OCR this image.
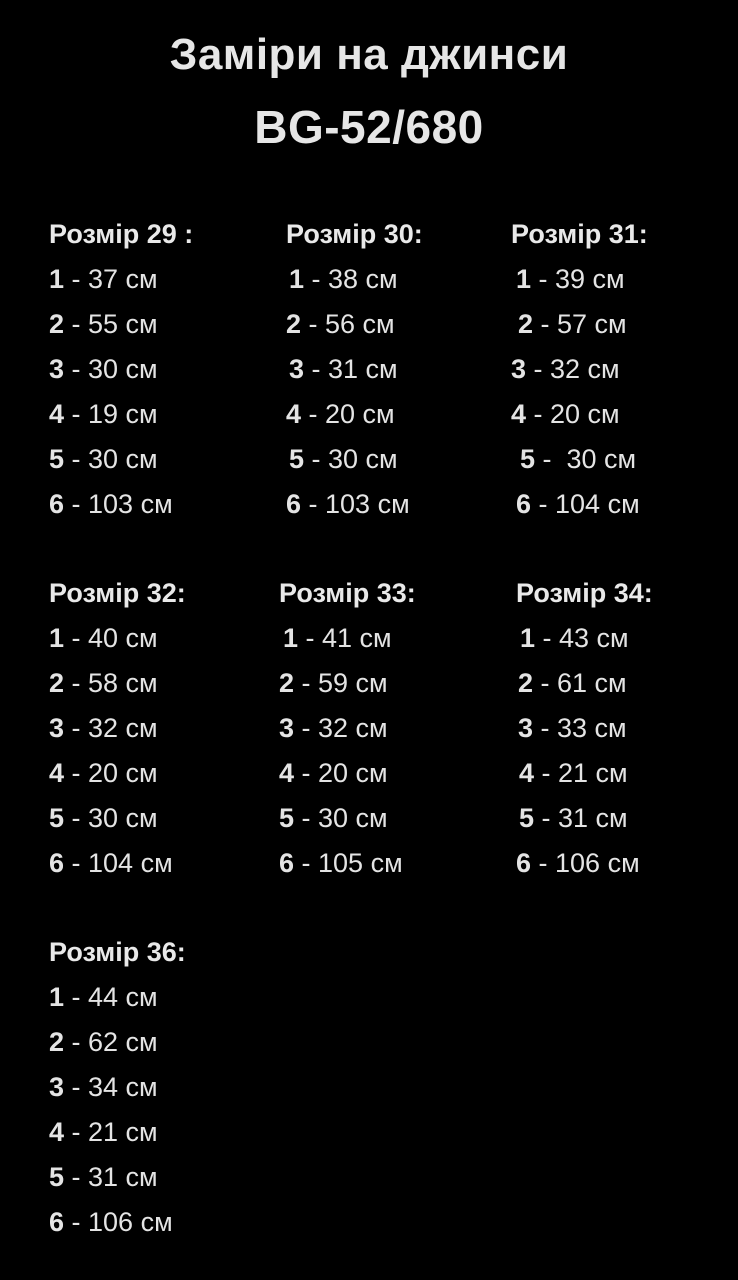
Заміри на джинси
BG-52/680
Розмір 29 :
1 - 37 см
2 - 55 см
3 - 30 см
4 - 19 см
5 - 30 см
6 - 103 см
Розмір 30:
1 - 38 см
2 - 56 см
3 - 31 см
4 - 20 см
5 - 30 см
6 - 103 см
Розмір 31:
1 - 39 см
2 - 57 см
3 - 32 см
4 - 20 см
5 -  30 см
6 - 104 см
Розмір 32:
1 - 40 см
2 - 58 см
3 - 32 см
4 - 20 см
5 - 30 см
6 - 104 см
Розмір 33:
1 - 41 см
2 - 59 см
3 - 32 см
4 - 20 см
5 - 30 см
6 - 105 см
Розмір 34:
1 - 43 см
2 - 61 см
3 - 33 см
4 - 21 см
5 - 31 см
6 - 106 см
Розмір 36:
1 - 44 см
2 - 62 см
3 - 34 см
4 - 21 см
5 - 31 см
6 - 106 см
